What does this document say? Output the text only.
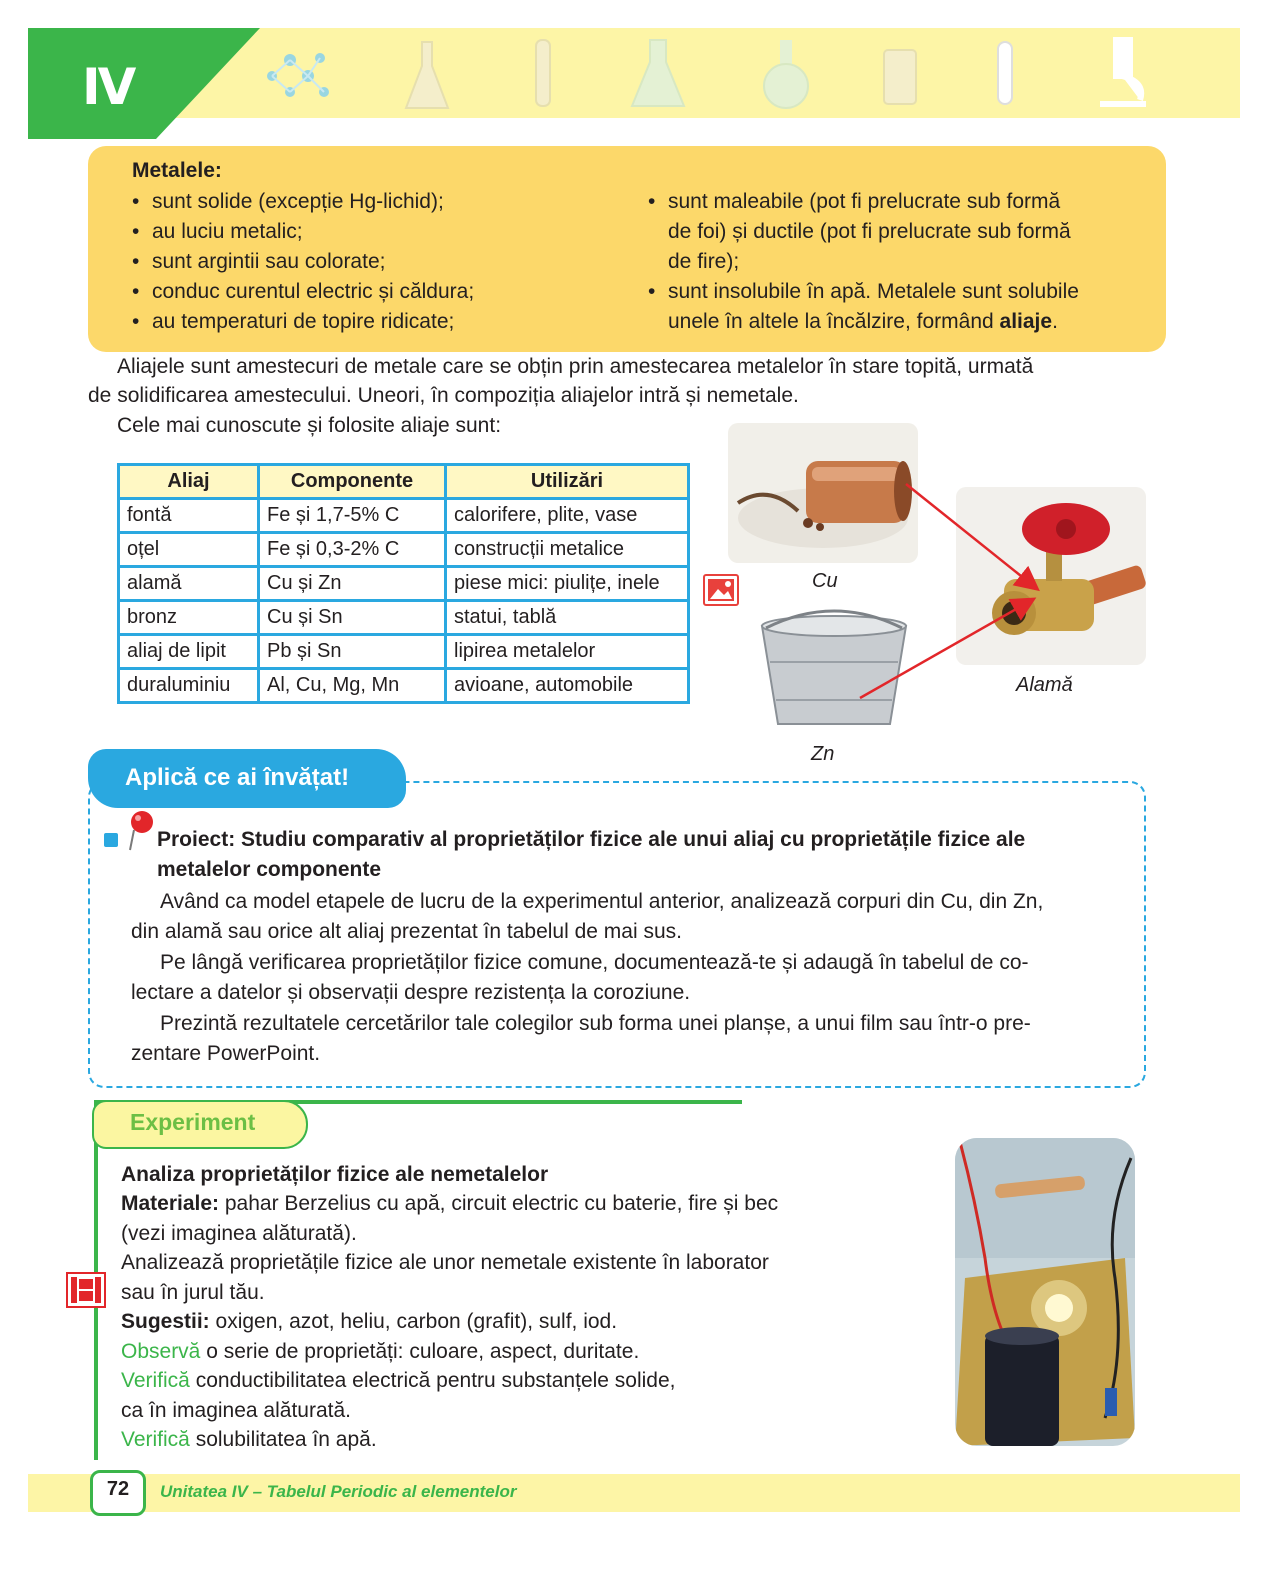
IV
Metalele:
• sunt solide (excepție Hg-lichid);
• au luciu metalic;
• sunt argintii sau colorate;
• conduc curentul electric și căldura;
• au temperaturi de topire ridicate;
• sunt maleabile (pot fi prelucrate sub formă
de foi) și ductile (pot fi prelucrate sub formă
de fire);
• sunt insolubile în apă. Metalele sunt solubile
unele în altele la încălzire, formând aliaje.
Aliajele sunt amestecuri de metale care se obțin prin amestecarea metalelor în stare topită, urmată
de solidificarea amestecului. Uneori, în compoziția aliajelor intră și nemetale.
Cele mai cunoscute și folosite aliaje sunt:
Aliaj	Componente	Utilizări
fontă	Fe și 1,7-5% C	calorifere, plite, vase
oțel	Fe și 0,3-2% C	construcții metalice
alamă	Cu și Zn	piese mici: piulițe, inele
bronz	Cu și Sn	statui, tablă
aliaj de lipit	Pb și Sn	lipirea metalelor
duraluminiu	Al, Cu, Mg, Mn	avioane, automobile
Cu
Zn
Alamă
Aplică ce ai învățat!
Proiect: Studiu comparativ al proprietăților fizice ale unui aliaj cu proprietățile fizice ale
metalelor componente
Având ca model etapele de lucru de la experimentul anterior, analizează corpuri din Cu, din Zn,
din alamă sau orice alt aliaj prezentat în tabelul de mai sus.
Pe lângă verificarea proprietăților fizice comune, documentează-te și adaugă în tabelul de co-
lectare a datelor și observații despre rezistența la coroziune.
Prezintă rezultatele cercetărilor tale colegilor sub forma unei planșe, a unui film sau într-o pre-
zentare PowerPoint.
Experiment
Analiza proprietăților fizice ale nemetalelor
Materiale: pahar Berzelius cu apă, circuit electric cu baterie, fire și bec
(vezi imaginea alăturată).
Analizează proprietățile fizice ale unor nemetale existente în laborator
sau în jurul tău.
Sugestii: oxigen, azot, heliu, carbon (grafit), sulf, iod.
Observă o serie de proprietăți: culoare, aspect, duritate.
Verifică conductibilitatea electrică pentru substanțele solide,
ca în imaginea alăturată.
Verifică solubilitatea în apă.
72	Unitatea IV – Tabelul Periodic al elementelor
